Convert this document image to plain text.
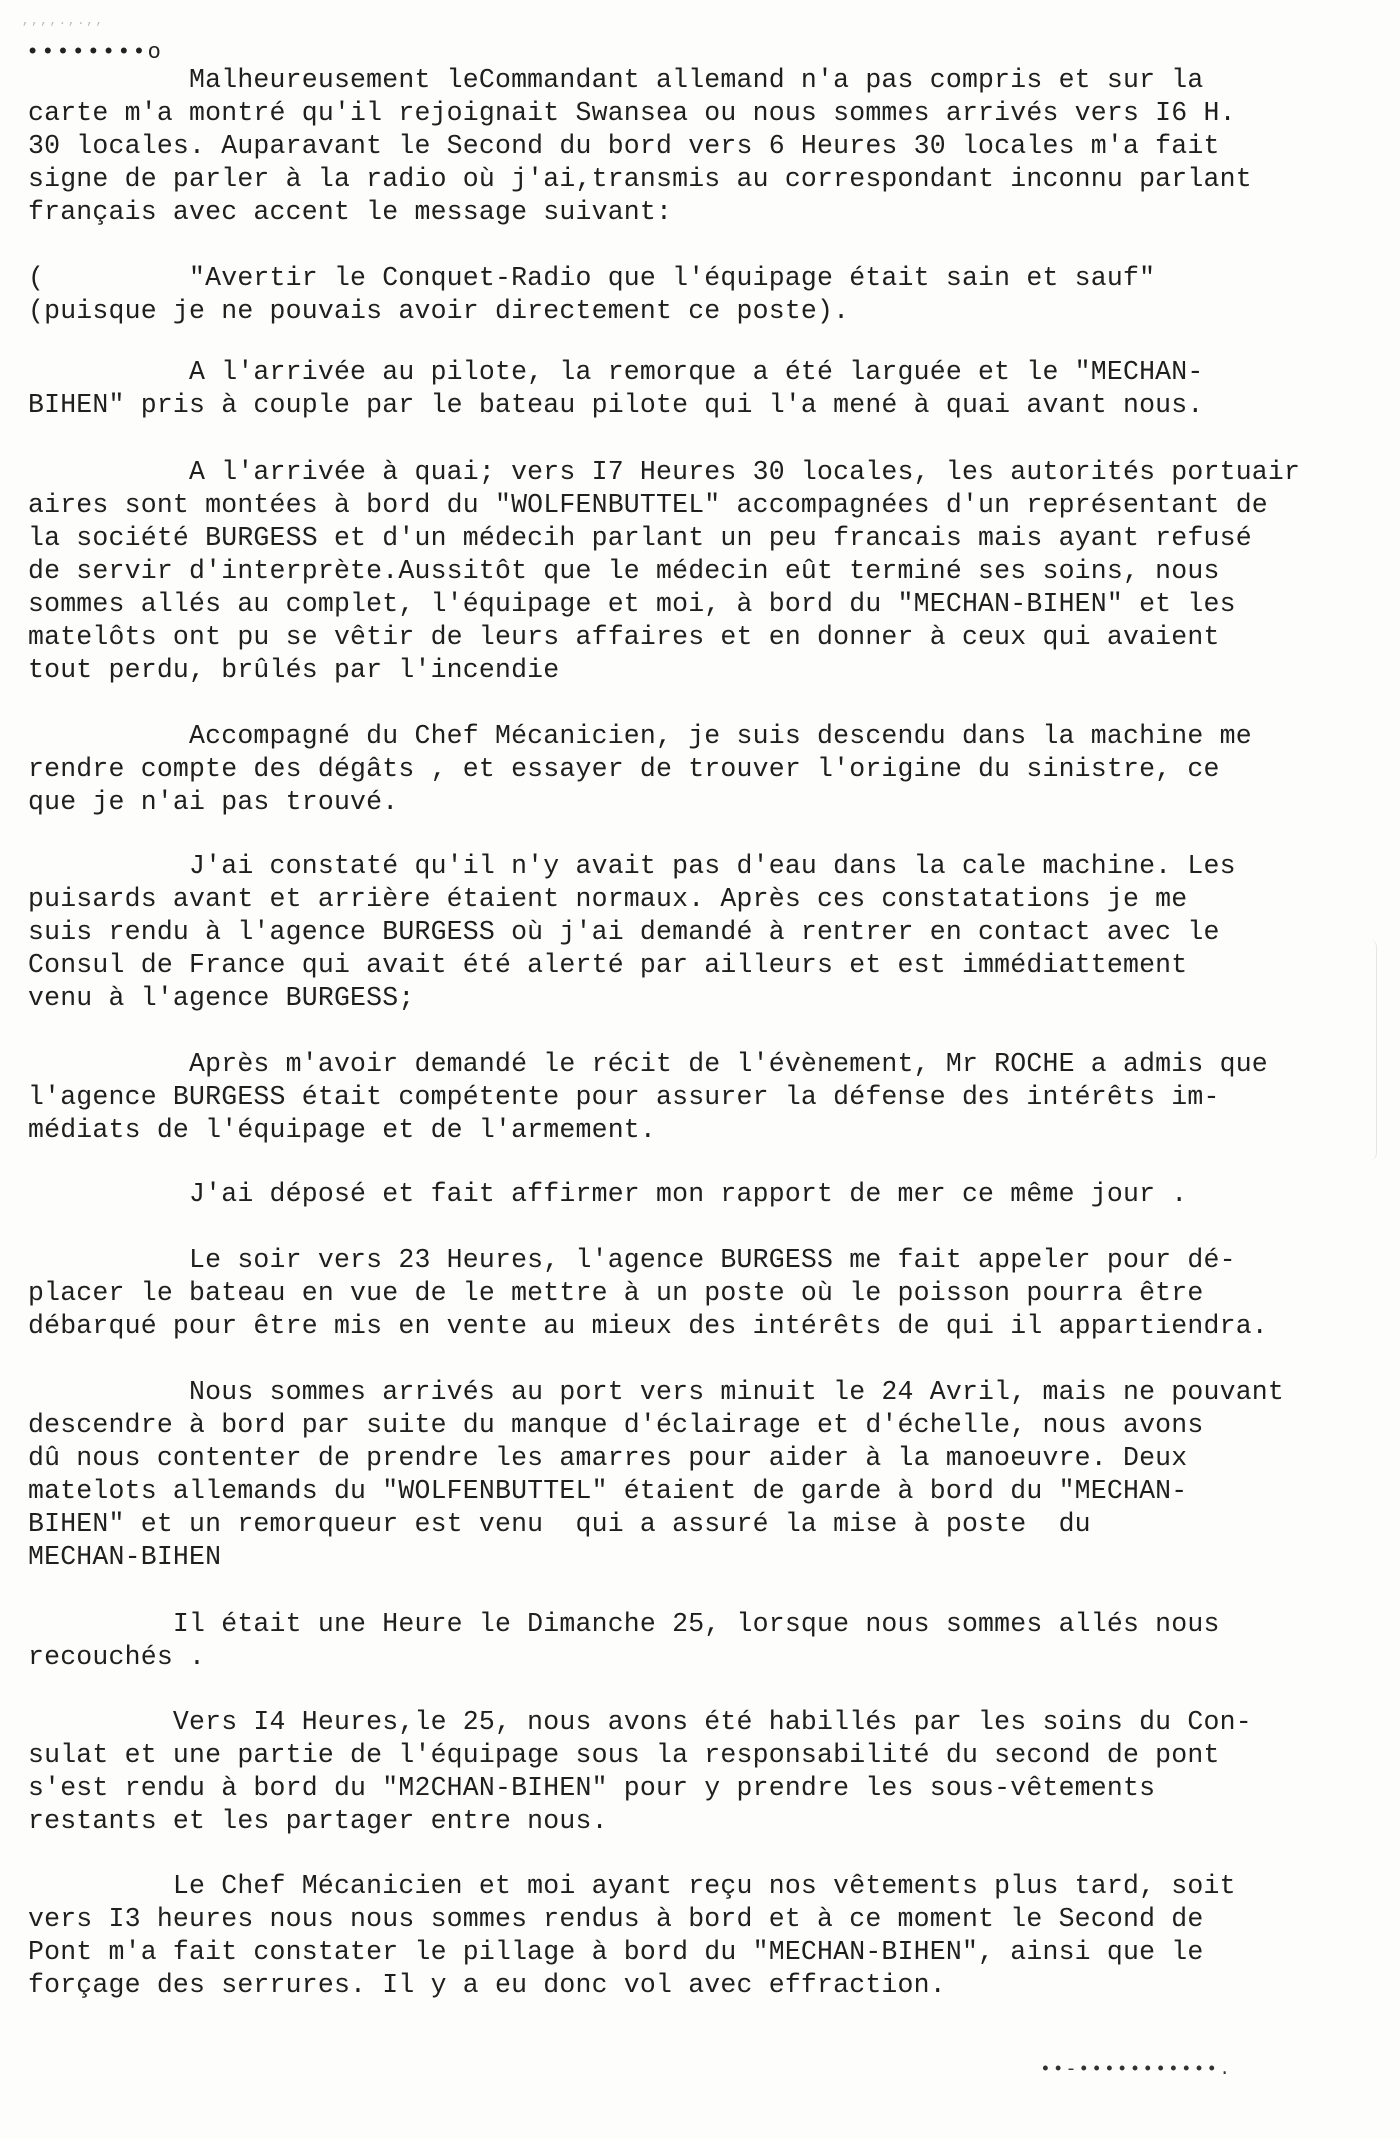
,,,,.,.,,
••••••••o
Malheureusement leCommandant allemand n'a pas compris et sur la
carte m'a montré qu'il rejoignait Swansea ou nous sommes arrivés vers I6 H.
30 locales. Auparavant le Second du bord vers 6 Heures 30 locales m'a fait
signe de parler à la radio où j'ai,transmis au correspondant inconnu parlant
français avec accent le message suivant:
(         "Avertir le Conquet-Radio que l'équipage était sain et sauf"
(puisque je ne pouvais avoir directement ce poste).
A l'arrivée au pilote, la remorque a été larguée et le "MECHAN-
BIHEN" pris à couple par le bateau pilote qui l'a mené à quai avant nous.
A l'arrivée à quai; vers I7 Heures 30 locales, les autorités portuair
aires sont montées à bord du "WOLFENBUTTEL" accompagnées d'un représentant de
la société BURGESS et d'un médecih parlant un peu francais mais ayant refusé
de servir d'interprète.Aussitôt que le médecin eût terminé ses soins, nous
sommes allés au complet, l'équipage et moi, à bord du "MECHAN-BIHEN" et les
matelôts ont pu se vêtir de leurs affaires et en donner à ceux qui avaient
tout perdu, brûlés par l'incendie
Accompagné du Chef Mécanicien, je suis descendu dans la machine me
rendre compte des dégâts , et essayer de trouver l'origine du sinistre, ce
que je n'ai pas trouvé.
J'ai constaté qu'il n'y avait pas d'eau dans la cale machine. Les
puisards avant et arrière étaient normaux. Après ces constatations je me
suis rendu à l'agence BURGESS où j'ai demandé à rentrer en contact avec le
Consul de France qui avait été alerté par ailleurs et est immédiattement
venu à l'agence BURGESS;
Après m'avoir demandé le récit de l'évènement, Mr ROCHE a admis que
l'agence BURGESS était compétente pour assurer la défense des intérêts im-
médiats de l'équipage et de l'armement.
J'ai déposé et fait affirmer mon rapport de mer ce même jour .
Le soir vers 23 Heures, l'agence BURGESS me fait appeler pour dé-
placer le bateau en vue de le mettre à un poste où le poisson pourra être
débarqué pour être mis en vente au mieux des intérêts de qui il appartiendra.
Nous sommes arrivés au port vers minuit le 24 Avril, mais ne pouvant
descendre à bord par suite du manque d'éclairage et d'échelle, nous avons
dû nous contenter de prendre les amarres pour aider à la manoeuvre. Deux
matelots allemands du "WOLFENBUTTEL" étaient de garde à bord du "MECHAN-
BIHEN" et un remorqueur est venu  qui a assuré la mise à poste  du
MECHAN-BIHEN
Il était une Heure le Dimanche 25, lorsque nous sommes allés nous
recouchés .
Vers I4 Heures,le 25, nous avons été habillés par les soins du Con-
sulat et une partie de l'équipage sous la responsabilité du second de pont
s'est rendu à bord du "M2CHAN-BIHEN" pour y prendre les sous-vêtements
restants et les partager entre nous.
Le Chef Mécanicien et moi ayant reçu nos vêtements plus tard, soit
vers I3 heures nous nous sommes rendus à bord et à ce moment le Second de
Pont m'a fait constater le pillage à bord du "MECHAN-BIHEN", ainsi que le
forçage des serrures. Il y a eu donc vol avec effraction.
••-•••••••••••.
